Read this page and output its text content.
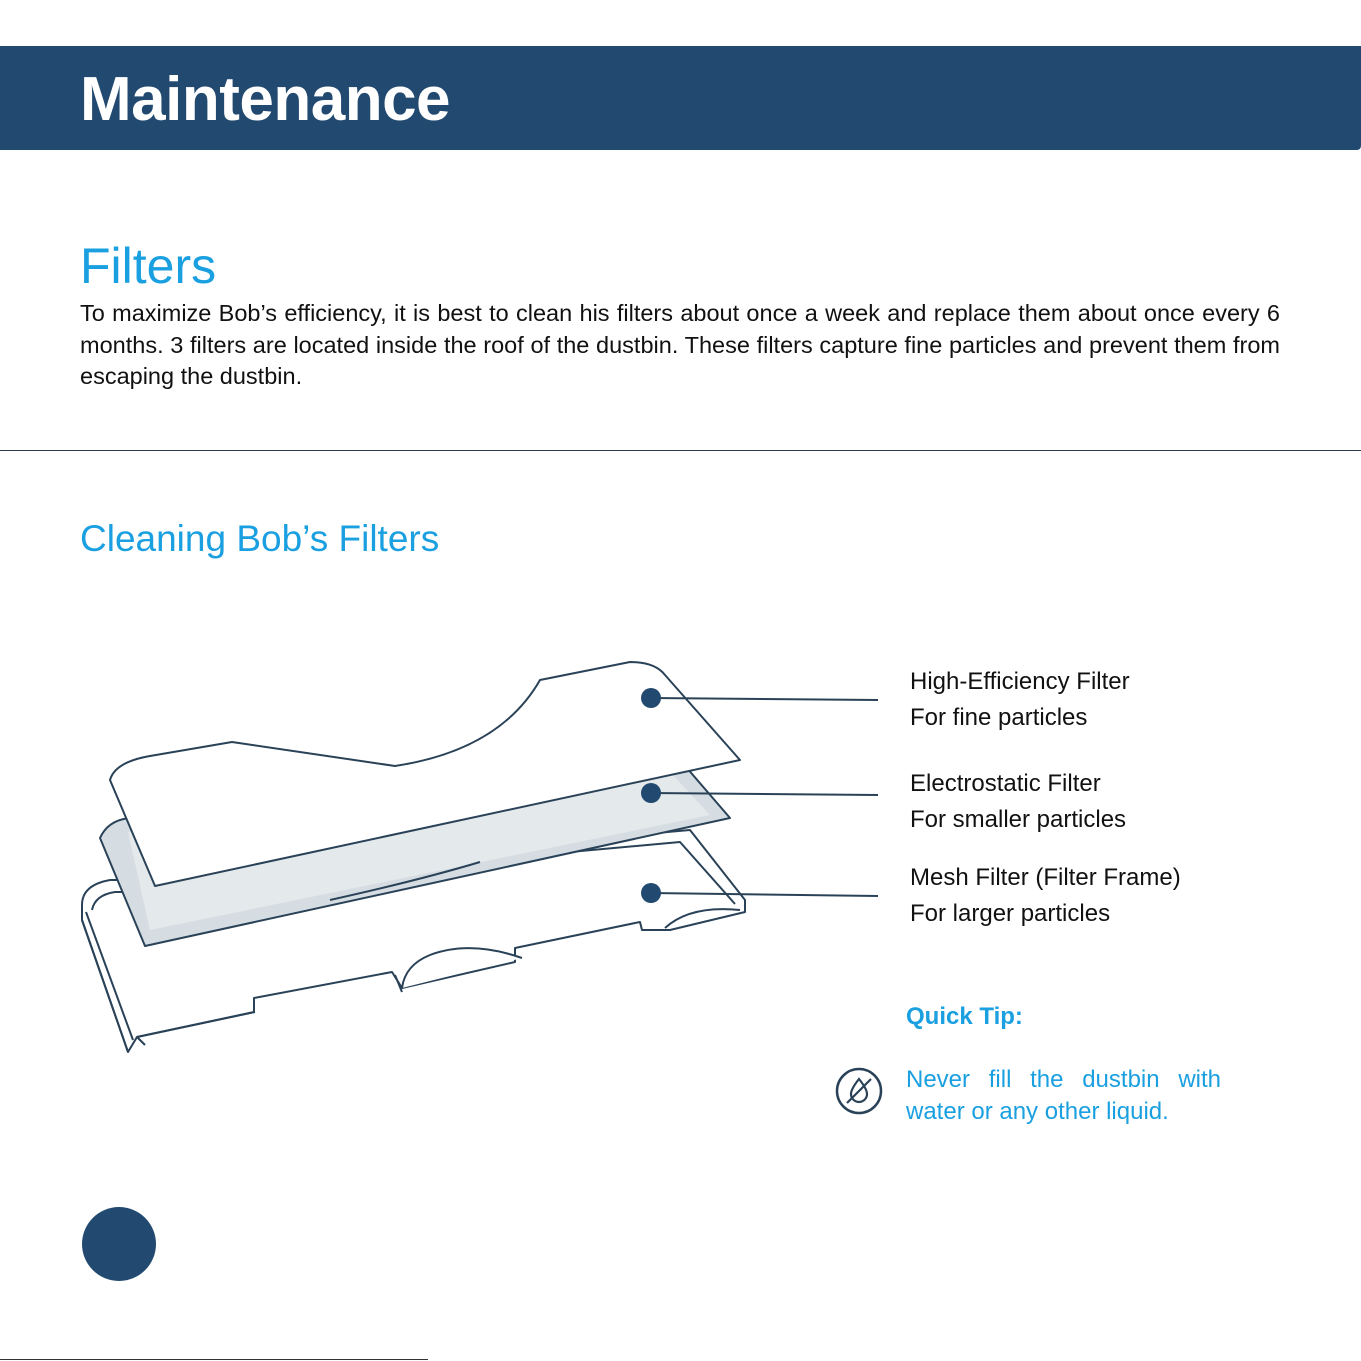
Maintenance
Filters

To maximize Bob’s efficiency, it is best to clean his filters about once a week and replace them about once every 6 months. 3 filters are located inside the roof of the dustbin. These filters capture fine particles and prevent them from escaping the dustbin.

Cleaning Bob’s Filters
High-Efficiency Filter
For fine particles
Electrostatic Filter
For smaller particles
Mesh Filter (Filter Frame)
For larger particles
Quick Tip:

Never fill the dustbin with water or any other liquid.
